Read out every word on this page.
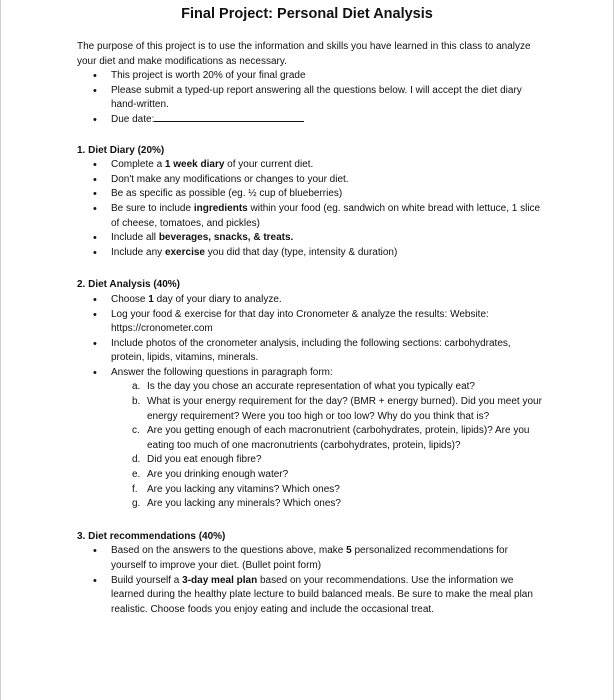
Final Project: Personal Diet Analysis

The purpose of this project is to use the information and skills you have learned in this class to analyze your diet and make modifications as necessary.

• This project is worth 20% of your final grade
• Please submit a typed-up report answering all the questions below. I will accept the diet diary hand-written.
• Due date:

1. Diet Diary (20%)

• Complete a 1 week diary of your current diet.
• Don't make any modifications or changes to your diet.
• Be as specific as possible (eg. ½ cup of blueberries)
• Be sure to include ingredients within your food (eg. sandwich on white bread with lettuce, 1 slice of cheese, tomatoes, and pickles)
• Include all beverages, snacks, & treats.
• Include any exercise you did that day (type, intensity & duration)

2. Diet Analysis (40%)

• Choose 1 day of your diary to analyze.
• Log your food & exercise for that day into Cronometer & analyze the results: Website: https://cronometer.com
• Include photos of the cronometer analysis, including the following sections: carbohydrates, protein, lipids, vitamins, minerals.
• Answer the following questions in paragraph form:
a. Is the day you chose an accurate representation of what you typically eat?
b. What is your energy requirement for the day? (BMR + energy burned). Did you meet your energy requirement? Were you too high or too low? Why do you think that is?
c. Are you getting enough of each macronutrient (carbohydrates, protein, lipids)? Are you eating too much of one macronutrients (carbohydrates, protein, lipids)?
d. Did you eat enough fibre?
e. Are you drinking enough water?
f. Are you lacking any vitamins? Which ones?
g. Are you lacking any minerals? Which ones?

3. Diet recommendations (40%)

• Based on the answers to the questions above, make 5 personalized recommendations for yourself to improve your diet. (Bullet point form)
• Build yourself a 3-day meal plan based on your recommendations. Use the information we learned during the healthy plate lecture to build balanced meals. Be sure to make the meal plan realistic. Choose foods you enjoy eating and include the occasional treat.
